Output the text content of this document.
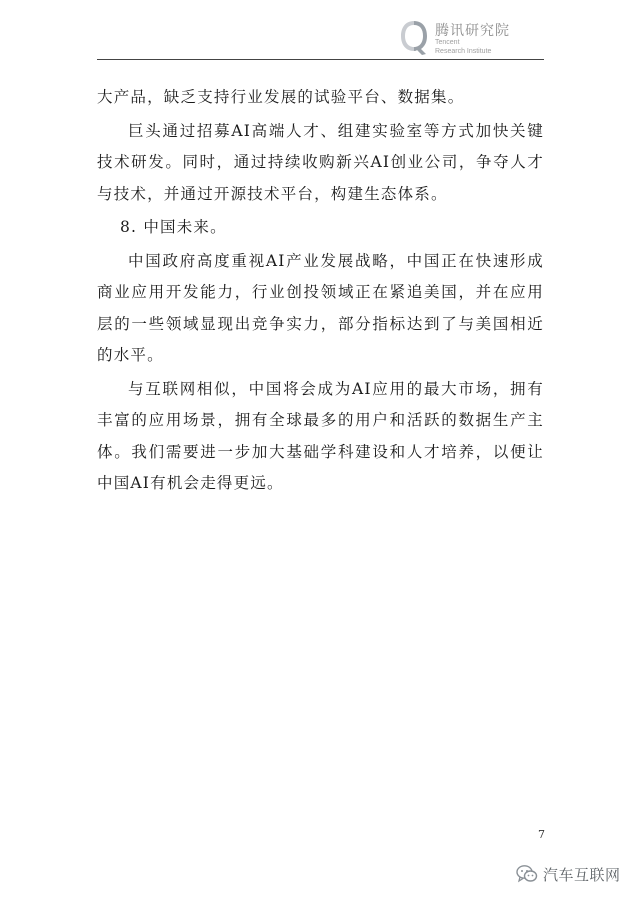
腾讯研究院
Tencent
Research Institute

大产品，缺乏支持行业发展的试验平台、数据集。

巨头通过招募AI高端人才、组建实验室等方式加快关键技术研发。同时，通过持续收购新兴AI创业公司，争夺人才与技术，并通过开源技术平台，构建生态体系。

8. 中国未来。

中国政府高度重视AI产业发展战略，中国正在快速形成商业应用开发能力，行业创投领域正在紧追美国，并在应用层的一些领域显现出竞争实力，部分指标达到了与美国相近的水平。

与互联网相似，中国将会成为AI应用的最大市场，拥有丰富的应用场景，拥有全球最多的用户和活跃的数据生产主体。我们需要进一步加大基础学科建设和人才培养，以便让中国AI有机会走得更远。

7
汽车互联网
